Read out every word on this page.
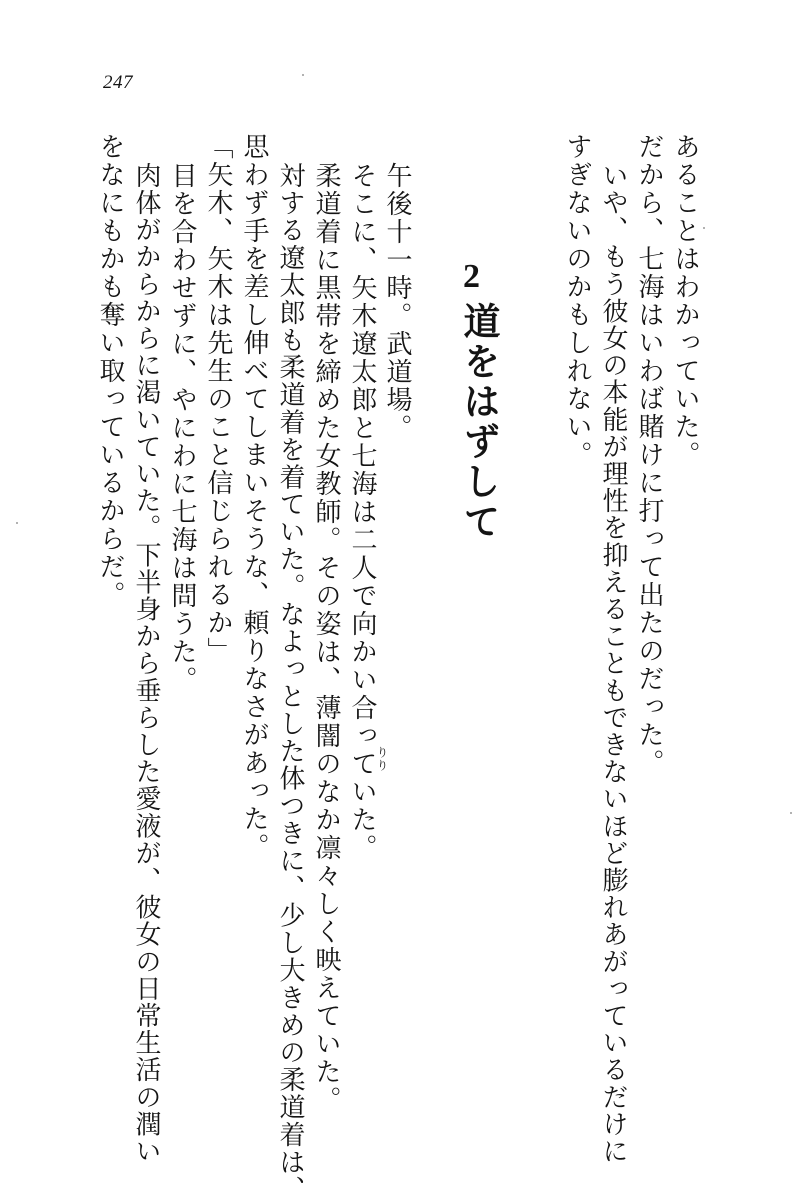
247

あることはわかっていた。

だから、七海はいわば賭けに打って出たのだった。

いや、もう彼女の本能が理性を抑えることもできないほど膨れあがっているだけに

すぎないのかもしれない。

2
道をはずして

午後十一時。武道場。

そこに、矢木遼太郎と七海は二人で向かい合っていた。

りり

柔道着に黒帯を締めた女教師。その姿は、薄闇のなか凛々しく映えていた。

対する遼太郎も柔道着を着ていた。なよっとした体つきに、少し大きめの柔道着は、

思わず手を差し伸べてしまいそうな、頼りなさがあった。

「矢木、矢木は先生のこと信じられるか」

目を合わせずに、やにわに七海は問うた。

肉体がからからに渇いていた。下半身から垂らした愛液が、彼女の日常生活の潤い

をなにもかも奪い取っているからだ。
